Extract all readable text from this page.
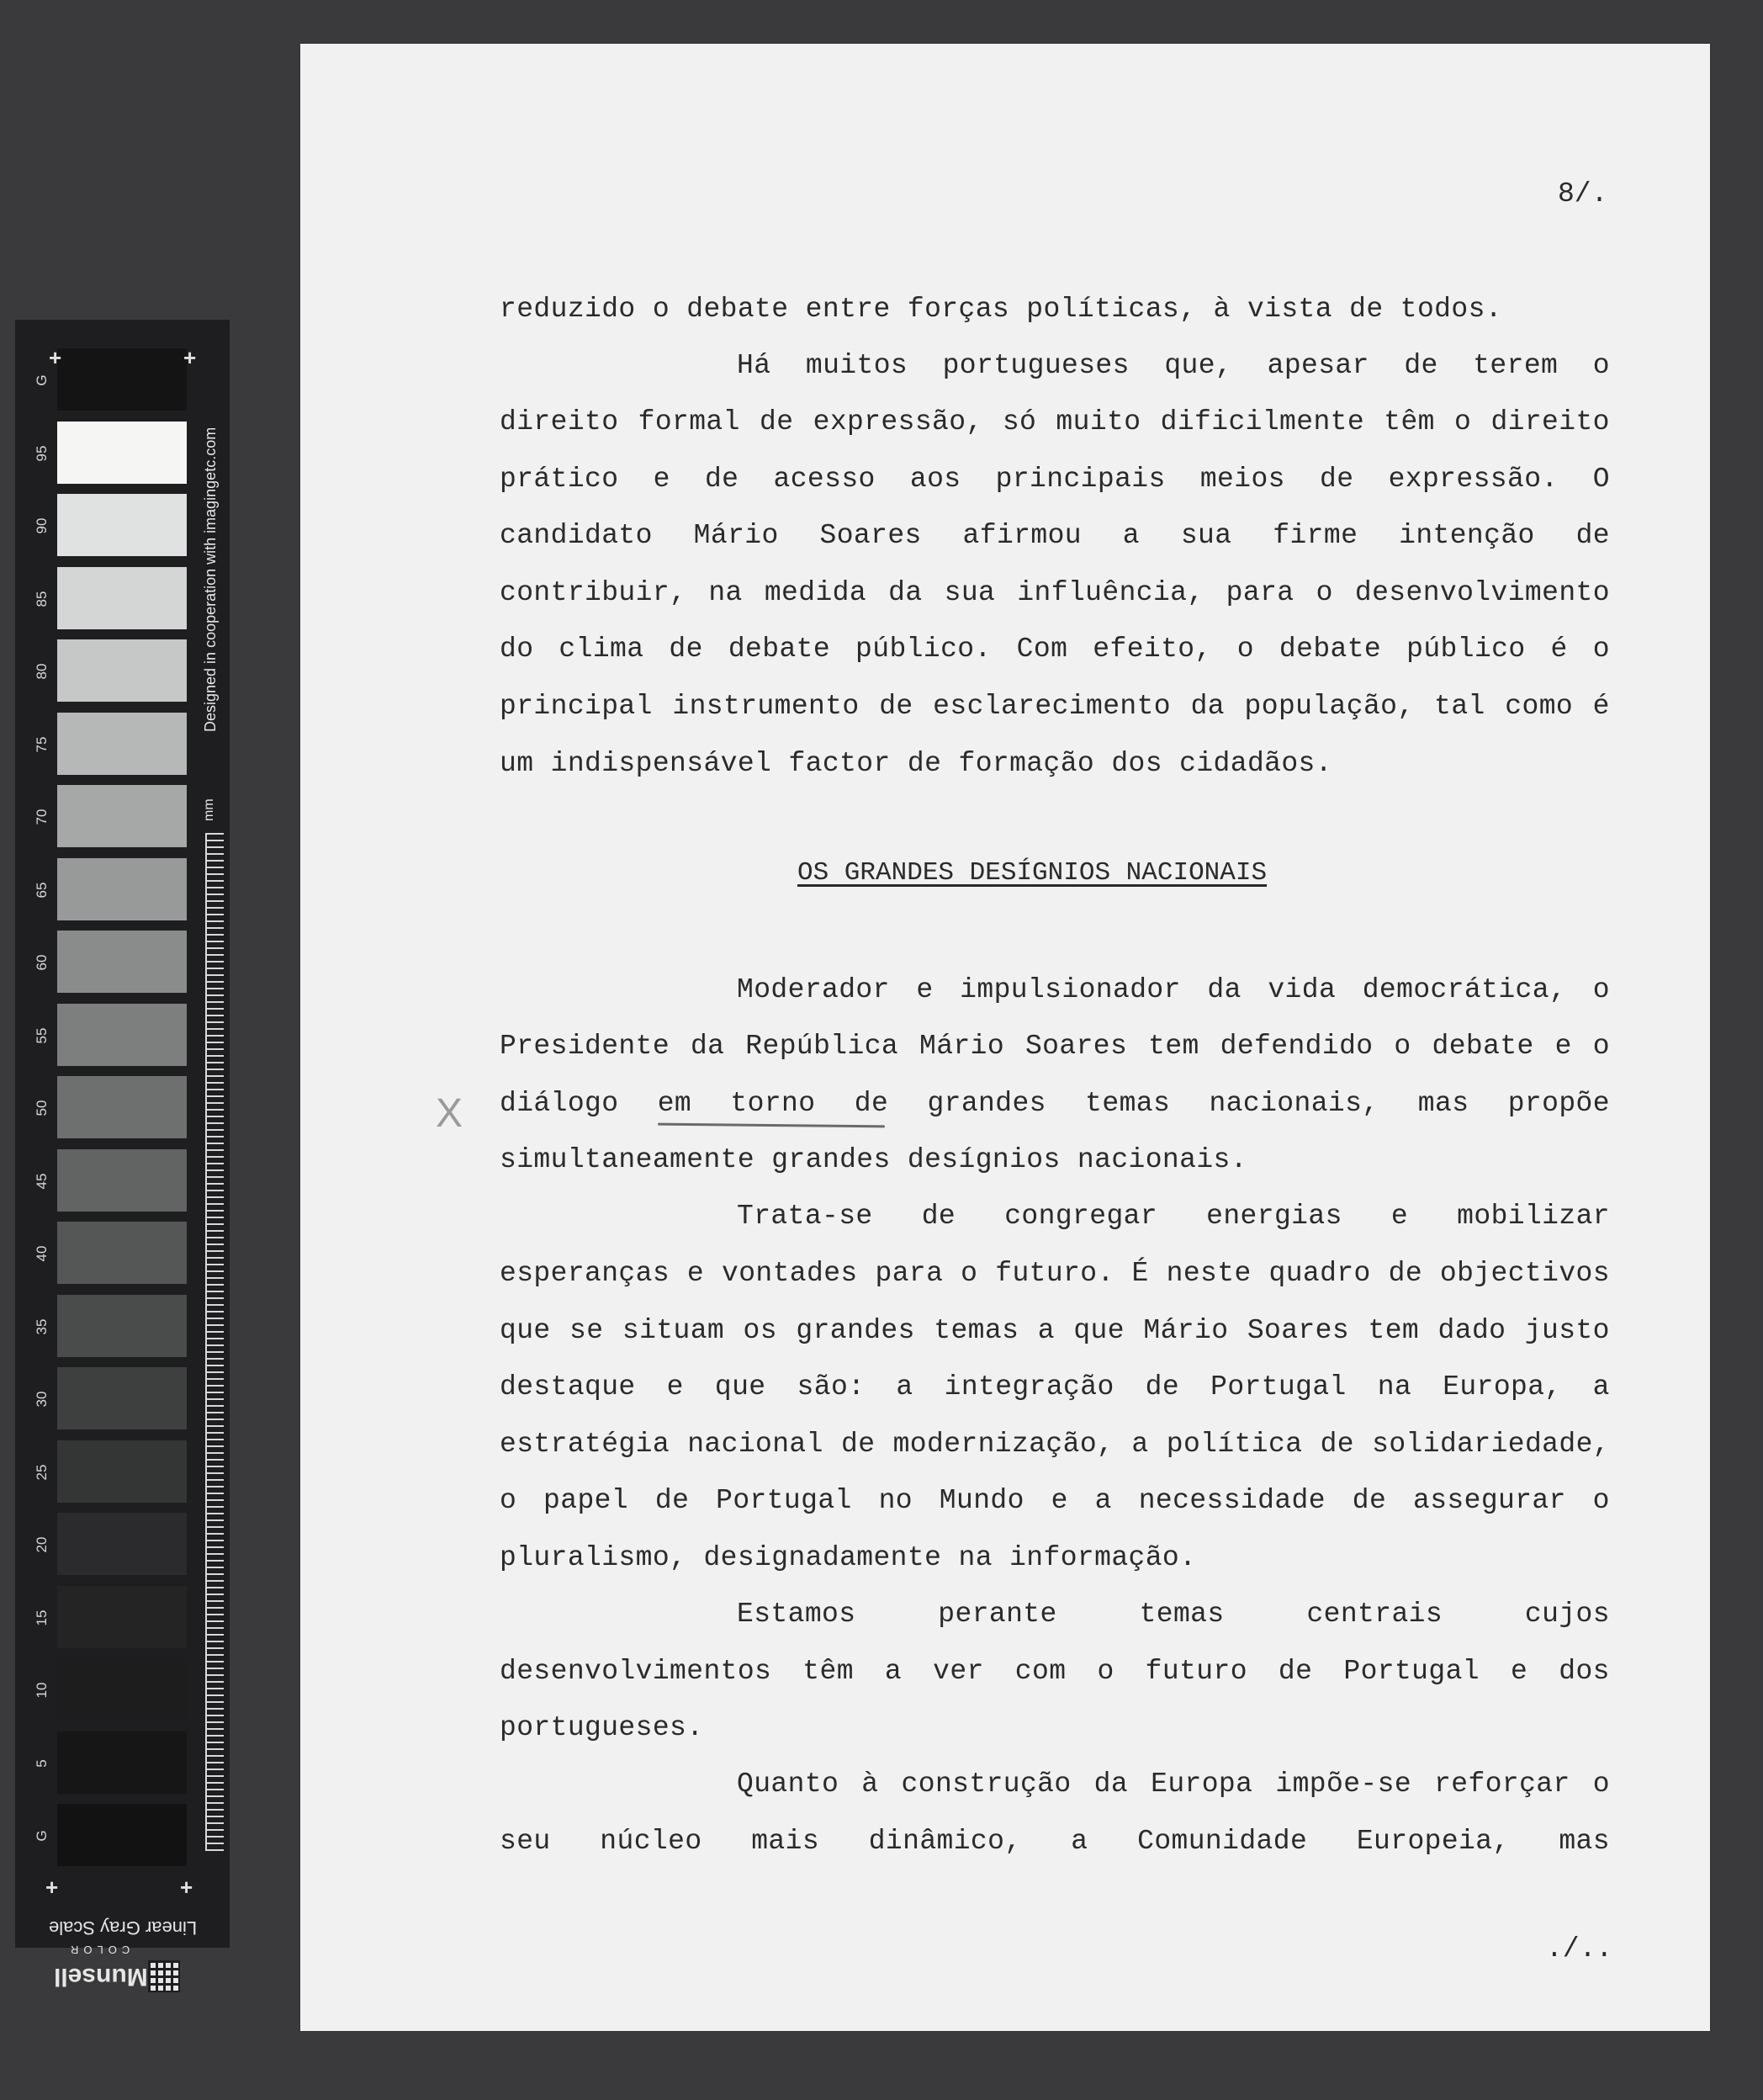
G
95
90
85
80
75
70
65
60
55
50
45
40
35
30
25
20
15
10
5
G
+	+
+	+
Designed in cooperation with imagingetc.com
mm
Linear Gray Scale
Munsell
COLOR
8/.
reduzido o debate entre forças políticas, à vista de todos.
Há muitos portugueses que, apesar de terem o
direito formal de expressão, só muito dificilmente têm o direito
prático e de acesso aos principais meios de expressão. O
candidato Mário Soares afirmou a sua firme intenção de
contribuir, na medida da sua influência, para o desenvolvimento
do clima de debate público. Com efeito, o debate público é o
principal instrumento de esclarecimento da população, tal como é
um indispensável factor de formação dos cidadãos.
OS GRANDES DESÍGNIOS NACIONAIS
Moderador e impulsionador da vida democrática, o
Presidente da República Mário Soares tem defendido o debate e o
diálogo em torno de grandes temas nacionais, mas propõe
simultaneamente grandes desígnios nacionais.
Trata-se de congregar energias e mobilizar
esperanças e vontades para o futuro. É neste quadro de objectivos
que se situam os grandes temas a que Mário Soares tem dado justo
destaque e que são: a integração de Portugal na Europa, a
estratégia nacional de modernização, a política de solidariedade,
o papel de Portugal no Mundo e a necessidade de assegurar o
pluralismo, designadamente na informação.
Estamos	perante	temas	centrais	cujos
desenvolvimentos têm a ver com o futuro de Portugal e dos
portugueses.
Quanto à construção da Europa impõe-se reforçar o
seu núcleo mais dinâmico, a Comunidade Europeia, mas
X
./..
